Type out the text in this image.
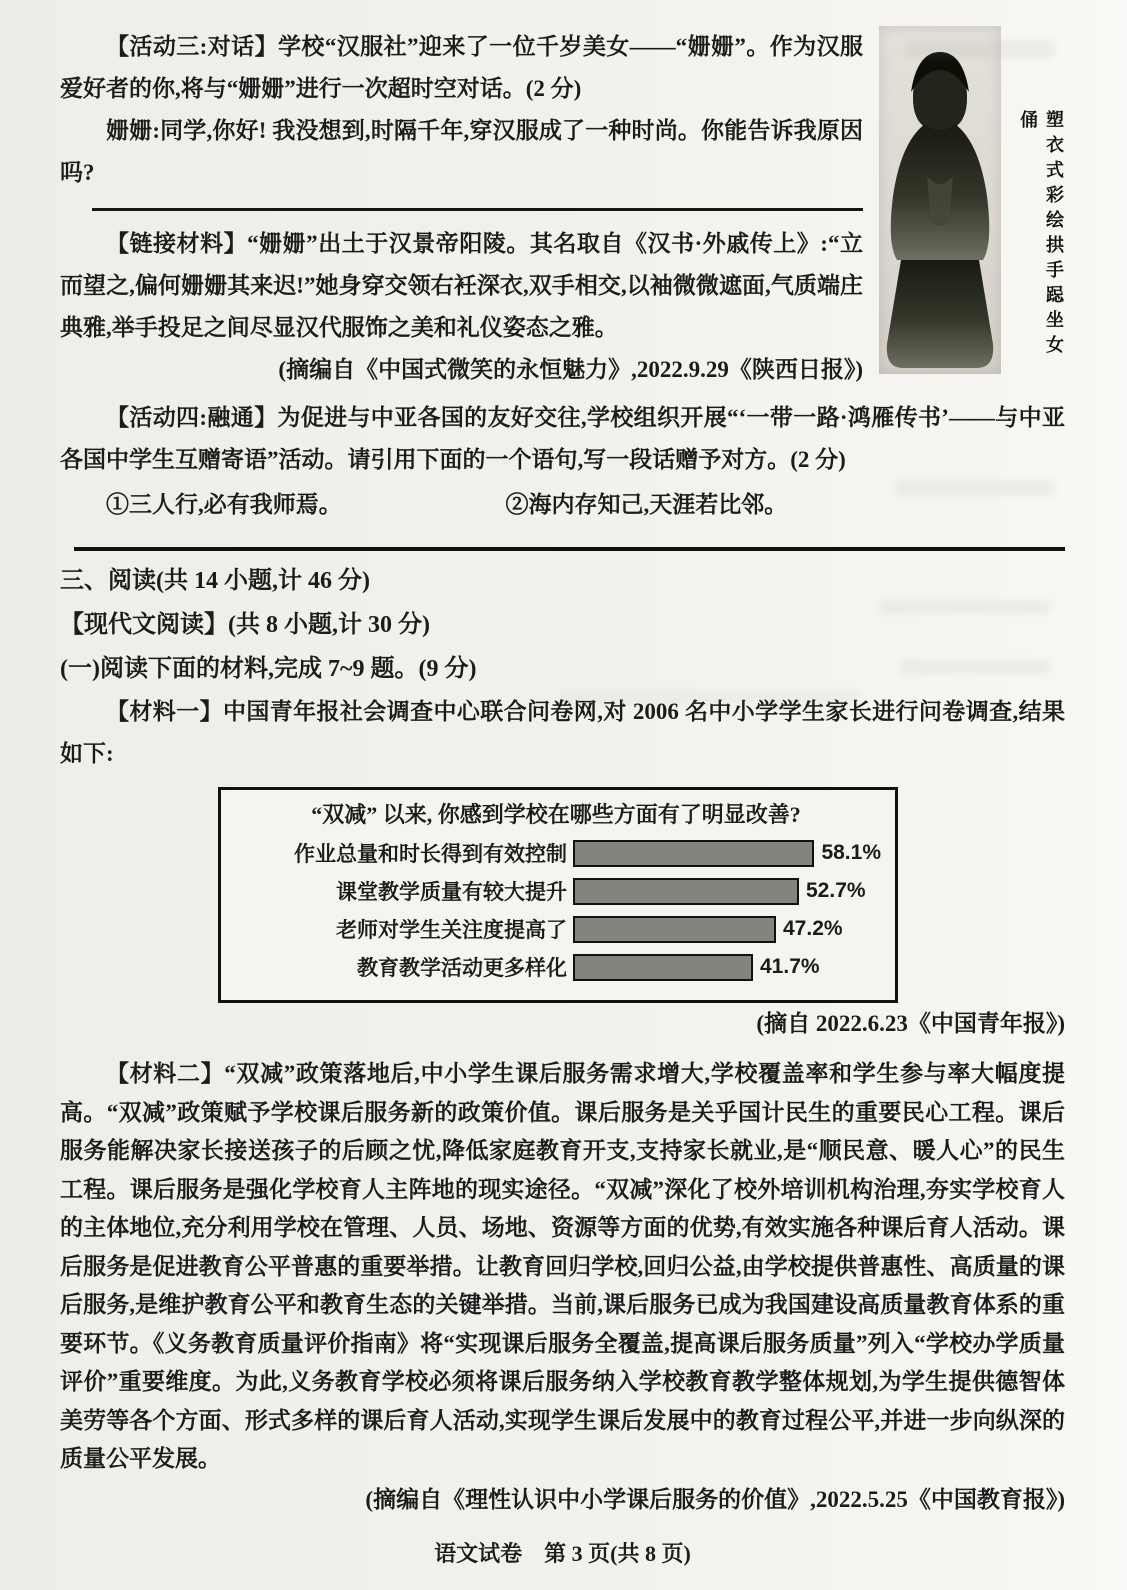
塑衣式彩绘拱手跽坐女俑

【活动三:对话】学校“汉服社”迎来了一位千岁美女——“姗姗”。作为汉服爱好者的你,将与“姗姗”进行一次超时空对话。(2 分)

姗姗:同学,你好! 我没想到,时隔千年,穿汉服成了一种时尚。你能告诉我原因吗?

【链接材料】“姗姗”出土于汉景帝阳陵。其名取自《汉书·外戚传上》:“立而望之,偏何姗姗其来迟!”她身穿交领右衽深衣,双手相交,以袖微微遮面,气质端庄典雅,举手投足之间尽显汉代服饰之美和礼仪姿态之雅。

(摘编自《中国式微笑的永恒魅力》,2022.9.29《陕西日报》)

【活动四:融通】为促进与中亚各国的友好交往,学校组织开展“‘一带一路·鸿雁传书’——与中亚各国中学生互赠寄语”活动。请引用下面的一个语句,写一段话赠予对方。(2 分)

①三人行,必有我师焉。	②海内存知己,天涯若比邻。

三、阅读(共 14 小题,计 46 分)

【现代文阅读】(共 8 小题,计 30 分)

(一)阅读下面的材料,完成 7~9 题。(9 分)

【材料一】中国青年报社会调查中心联合问卷网,对 2006 名中小学学生家长进行问卷调查,结果如下:

“双减” 以来, 你感到学校在哪些方面有了明显改善?
作业总量和时长得到有效控制	58.1%
课堂教学质量有较大提升	52.7%
老师对学生关注度提高了	47.2%
教育教学活动更多样化	41.7%

(摘自 2022.6.23《中国青年报》)

【材料二】“双减”政策落地后,中小学生课后服务需求增大,学校覆盖率和学生参与率大幅度提高。“双减”政策赋予学校课后服务新的政策价值。课后服务是关乎国计民生的重要民心工程。课后服务能解决家长接送孩子的后顾之忧,降低家庭教育开支,支持家长就业,是“顺民意、暖人心”的民生工程。课后服务是强化学校育人主阵地的现实途径。“双减”深化了校外培训机构治理,夯实学校育人的主体地位,充分利用学校在管理、人员、场地、资源等方面的优势,有效实施各种课后育人活动。课后服务是促进教育公平普惠的重要举措。让教育回归学校,回归公益,由学校提供普惠性、高质量的课后服务,是维护教育公平和教育生态的关键举措。当前,课后服务已成为我国建设高质量教育体系的重要环节。《义务教育质量评价指南》将“实现课后服务全覆盖,提高课后服务质量”列入“学校办学质量评价”重要维度。为此,义务教育学校必须将课后服务纳入学校教育教学整体规划,为学生提供德智体美劳等各个方面、形式多样的课后育人活动,实现学生课后发展中的教育过程公平,并进一步向纵深的质量公平发展。

(摘编自《理性认识中小学课后服务的价值》,2022.5.25《中国教育报》)

语文试卷　第 3 页(共 8 页)
